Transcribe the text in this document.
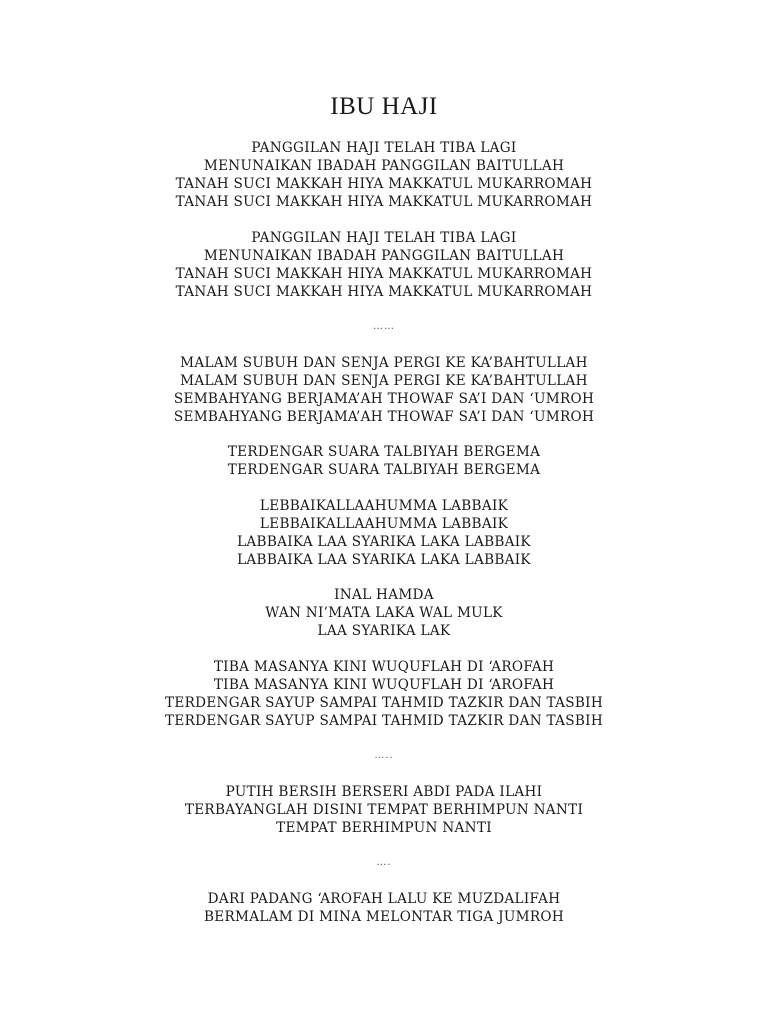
IBU HAJI
PANGGILAN HAJI TELAH TIBA LAGI
MENUNAIKAN IBADAH PANGGILAN BAITULLAH
TANAH SUCI MAKKAH HIYA MAKKATUL MUKARROMAH
TANAH SUCI MAKKAH HIYA MAKKATUL MUKARROMAH
PANGGILAN HAJI TELAH TIBA LAGI
MENUNAIKAN IBADAH PANGGILAN BAITULLAH
TANAH SUCI MAKKAH HIYA MAKKATUL MUKARROMAH
TANAH SUCI MAKKAH HIYA MAKKATUL MUKARROMAH
……
MALAM SUBUH DAN SENJA PERGI KE KA’BAHTULLAH
MALAM SUBUH DAN SENJA PERGI KE KA’BAHTULLAH
SEMBAHYANG BERJAMA’AH THOWAF SA’I DAN ‘UMROH
SEMBAHYANG BERJAMA’AH THOWAF SA’I DAN ‘UMROH
TERDENGAR SUARA TALBIYAH BERGEMA
TERDENGAR SUARA TALBIYAH BERGEMA
LEBBAIKALLAAHUMMA LABBAIK
LEBBAIKALLAAHUMMA LABBAIK
LABBAIKA LAA SYARIKA LAKA LABBAIK
LABBAIKA LAA SYARIKA LAKA LABBAIK
INAL HAMDA
WAN NI’MATA LAKA WAL MULK
LAA SYARIKA LAK
TIBA MASANYA KINI WUQUFLAH DI ‘AROFAH
TIBA MASANYA KINI WUQUFLAH DI ‘AROFAH
TERDENGAR SAYUP SAMPAI TAHMID TAZKIR DAN TASBIH
TERDENGAR SAYUP SAMPAI TAHMID TAZKIR DAN TASBIH
…..
PUTIH BERSIH BERSERI ABDI PADA ILAHI
TERBAYANGLAH DISINI TEMPAT BERHIMPUN NANTI
TEMPAT BERHIMPUN NANTI
….
DARI PADANG ‘AROFAH LALU KE MUZDALIFAH
BERMALAM DI MINA MELONTAR TIGA JUMROH
